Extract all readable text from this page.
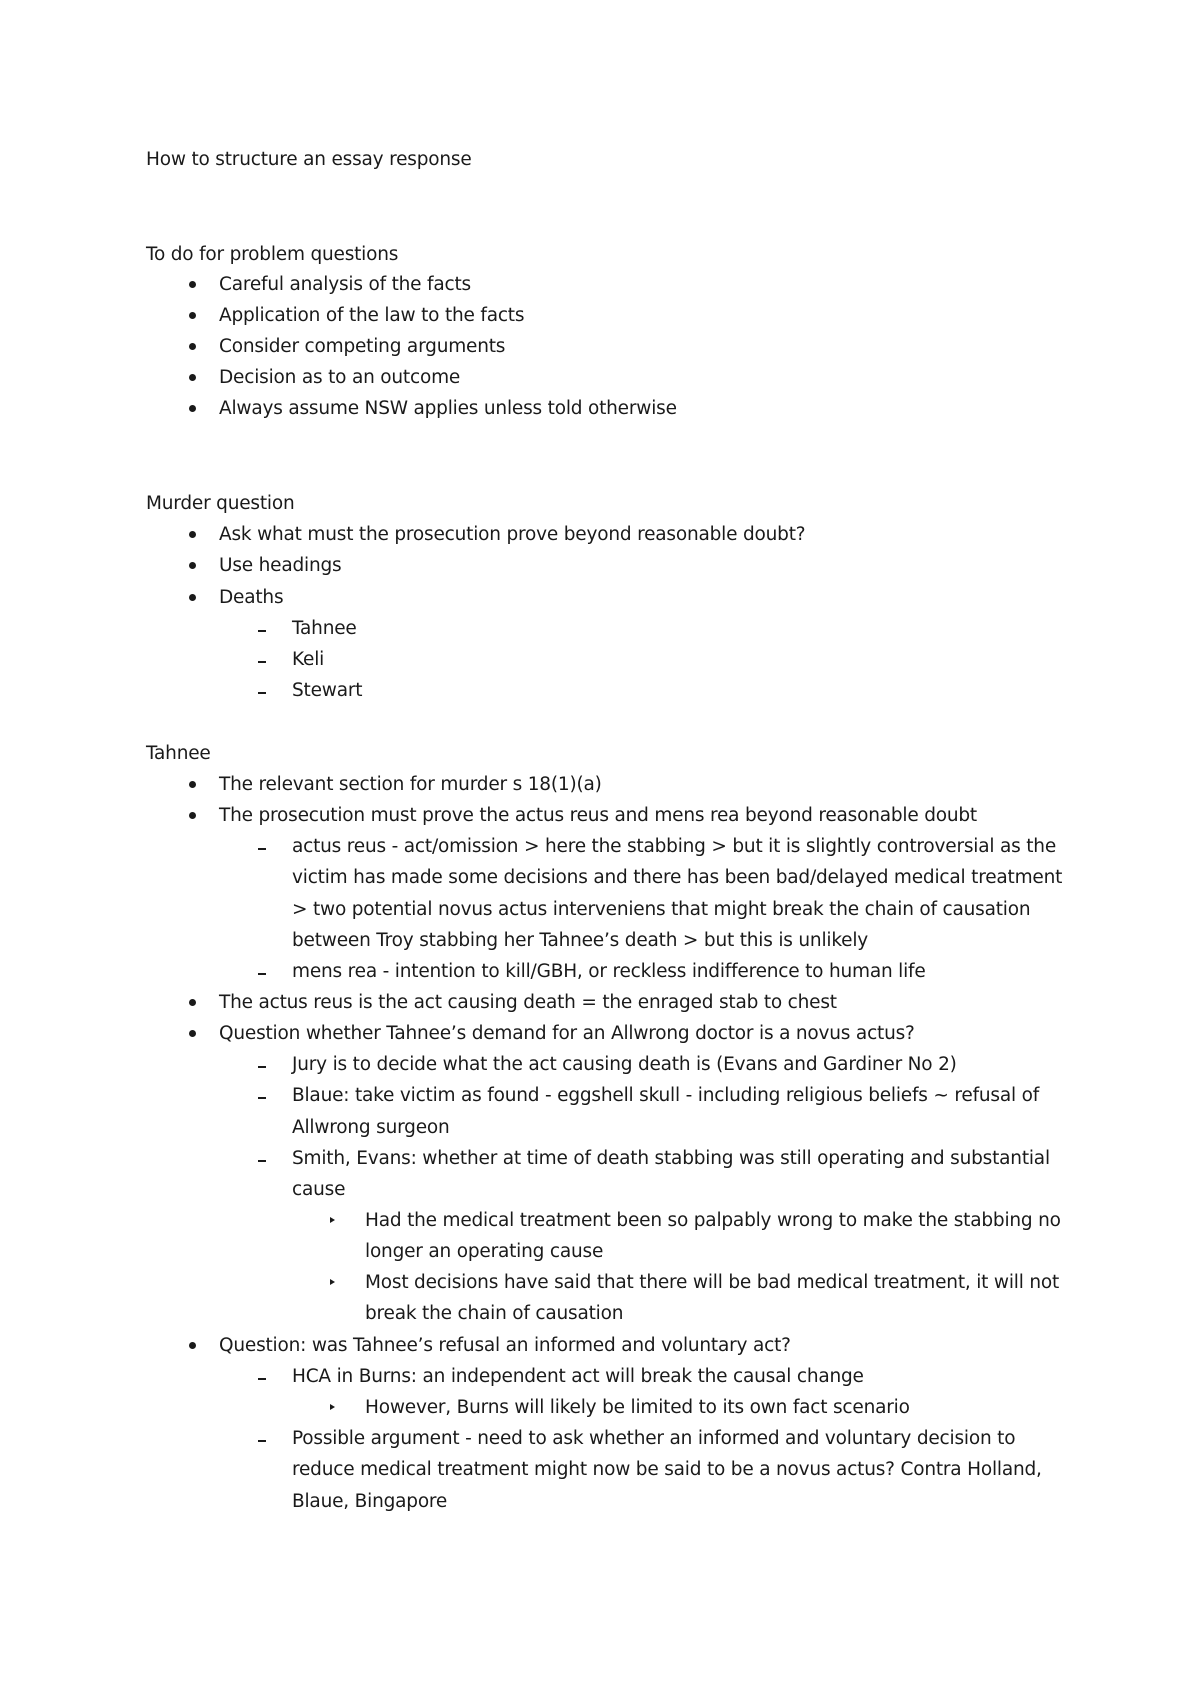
How to structure an essay response
To do for problem questions
Careful analysis of the facts
Application of the law to the facts
Consider competing arguments
Decision as to an outcome
Always assume NSW applies unless told otherwise
Murder question
Ask what must the prosecution prove beyond reasonable doubt?
Use headings
Deaths
Tahnee
Keli
Stewart
Tahnee
The relevant section for murder s 18(1)(a)
The prosecution must prove the actus reus and mens rea beyond reasonable doubt
actus reus - act/omission > here the stabbing > but it is slightly controversial as the
victim has made some decisions and there has been bad/delayed medical treatment
> two potential novus actus interveniens that might break the chain of causation
between Troy stabbing her Tahnee’s death > but this is unlikely
mens rea - intention to kill/GBH, or reckless indifference to human life
The actus reus is the act causing death = the enraged stab to chest
Question whether Tahnee’s demand for an Allwrong doctor is a novus actus?
Jury is to decide what the act causing death is (Evans and Gardiner No 2)
Blaue: take victim as found - eggshell skull - including religious beliefs ~ refusal of
Allwrong surgeon
Smith, Evans: whether at time of death stabbing was still operating and substantial
cause
Had the medical treatment been so palpably wrong to make the stabbing no
longer an operating cause
Most decisions have said that there will be bad medical treatment, it will not
break the chain of causation
Question: was Tahnee’s refusal an informed and voluntary act?
HCA in Burns: an independent act will break the causal change
However, Burns will likely be limited to its own fact scenario
Possible argument - need to ask whether an informed and voluntary decision to
reduce medical treatment might now be said to be a novus actus? Contra Holland,
Blaue, Bingapore
